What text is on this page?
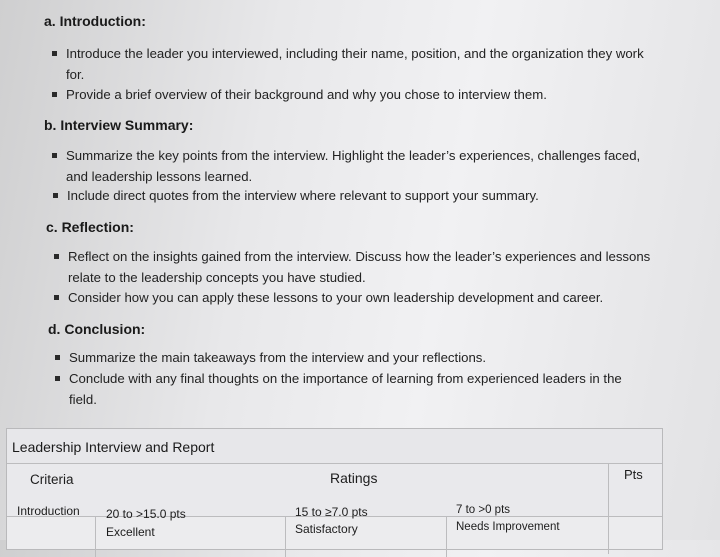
a. Introduction:
Introduce the leader you interviewed, including their name, position, and the organization they work
for.
Provide a brief overview of their background and why you chose to interview them.
b. Interview Summary:
Summarize the key points from the interview. Highlight the leader’s experiences, challenges faced,
and leadership lessons learned.
Include direct quotes from the interview where relevant to support your summary.
c. Reflection:
Reflect on the insights gained from the interview. Discuss how the leader’s experiences and lessons
relate to the leadership concepts you have studied.
Consider how you can apply these lessons to your own leadership development and career.
d. Conclusion:
Summarize the main takeaways from the interview and your reflections.
Conclude with any final thoughts on the importance of learning from experienced leaders in the
field.
Leadership Interview and Report
Criteria	Ratings	Pts
Introduction 20 to >15.0 pts
Excellent
15 to ≥7.0 pts
Satisfactory
7 to >0 pts
Needs Improvement
